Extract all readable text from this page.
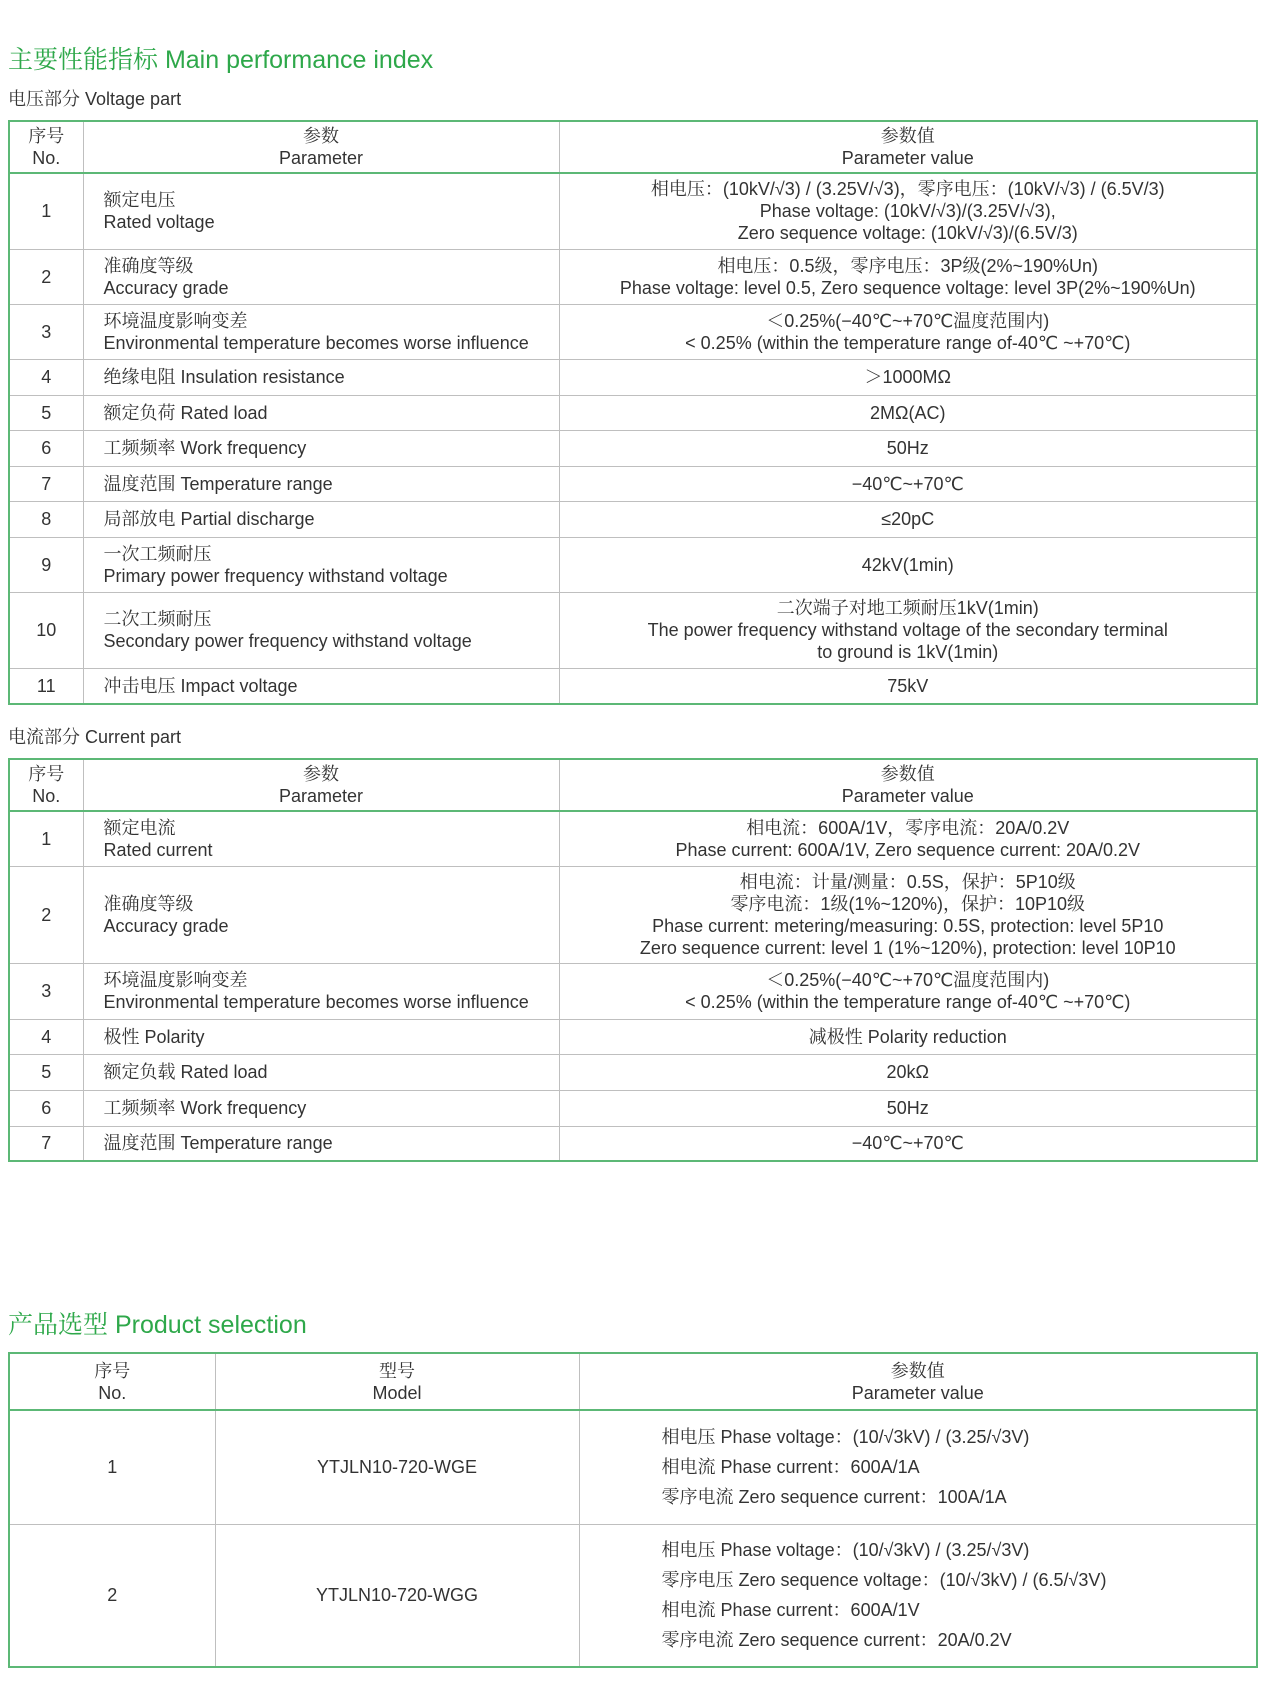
主要性能指标 Main performance index
电压部分 Voltage part
序号
No.	参数
Parameter	参数值
Parameter value

1	额定电压
Rated voltage	相电压：(10kV/√3) / (3.25V/√3)，零序电压：(10kV/√3) / (6.5V/3)
Phase voltage: (10kV/√3)/(3.25V/√3),
Zero sequence voltage: (10kV/√3)/(6.5V/3)

2	准确度等级
Accuracy grade	相电压：0.5级，零序电压：3P级(2%~190%Un)
Phase voltage: level 0.5, Zero sequence voltage: level 3P(2%~190%Un)

3	环境温度影响变差
Environmental temperature becomes worse influence	＜0.25%(−40℃~+70℃温度范围内)
< 0.25% (within the temperature range of-40℃ ~+70℃)

4	绝缘电阻 Insulation resistance	＞1000MΩ
5	额定负荷 Rated load	2MΩ(AC)
6	工频频率 Work frequency	50Hz
7	温度范围 Temperature range	−40℃~+70℃
8	局部放电 Partial discharge	≤20pC
9	一次工频耐压
Primary power frequency withstand voltage	42kV(1min)
10	二次工频耐压
Secondary power frequency withstand voltage	二次端子对地工频耐压1kV(1min)
The power frequency withstand voltage of the secondary terminal
to ground is 1kV(1min)

11	冲击电压 Impact voltage	75kV
电流部分 Current part
序号
No.	参数
Parameter	参数值
Parameter value

1	额定电流
Rated current	相电流：600A/1V，零序电流：20A/0.2V
Phase current: 600A/1V, Zero sequence current: 20A/0.2V

2	准确度等级
Accuracy grade	相电流：计量/测量：0.5S，保护：5P10级
零序电流：1级(1%~120%)，保护：10P10级
Phase current: metering/measuring: 0.5S, protection: level 5P10
Zero sequence current: level 1 (1%~120%), protection: level 10P10

3	环境温度影响变差
Environmental temperature becomes worse influence	＜0.25%(−40℃~+70℃温度范围内)
< 0.25% (within the temperature range of-40℃ ~+70℃)

4	极性 Polarity	减极性 Polarity reduction
5	额定负载 Rated load	20kΩ
6	工频频率 Work frequency	50Hz
7	温度范围 Temperature range	−40℃~+70℃
产品选型 Product selection
序号
No.	型号
Model	参数值
Parameter value

1	YTJLN10-720-WGE	相电压 Phase voltage：(10/√3kV) / (3.25/√3V)
相电流 Phase current：600A/1A
零序电流 Zero sequence current：100A/1A

2	YTJLN10-720-WGG	相电压 Phase voltage：(10/√3kV) / (3.25/√3V)
零序电压 Zero sequence voltage：(10/√3kV) / (6.5/√3V)
相电流 Phase current：600A/1V
零序电流 Zero sequence current：20A/0.2V
